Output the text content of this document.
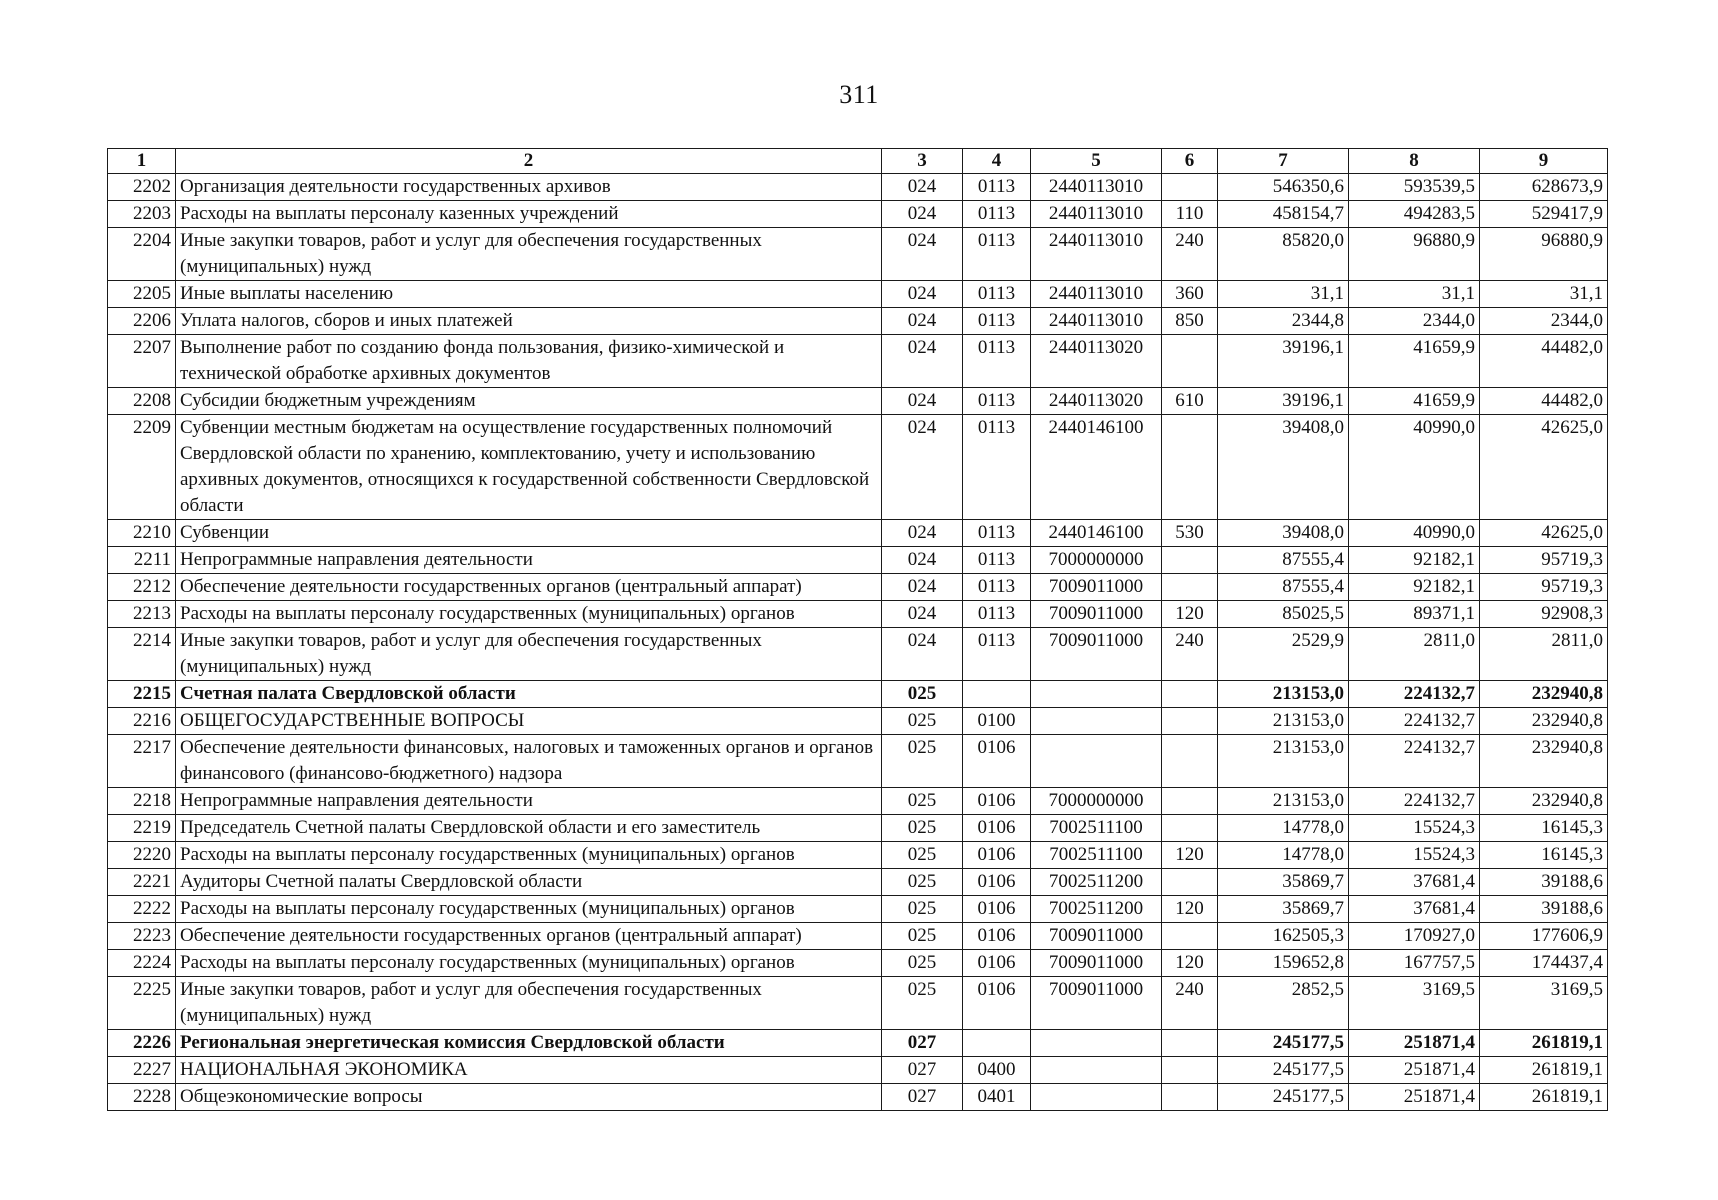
311
1	2	3	4	5	6	7	8	9
2202	Организация деятельности государственных архивов	024	0113	2440113010		546350,6	593539,5	628673,9
2203	Расходы на выплаты персоналу казенных учреждений	024	0113	2440113010	110	458154,7	494283,5	529417,9
2204	Иные закупки товаров, работ и услуг для обеспечения государственных (муниципальных) нужд	024	0113	2440113010	240	85820,0	96880,9	96880,9
2205	Иные выплаты населению	024	0113	2440113010	360	31,1	31,1	31,1
2206	Уплата налогов, сборов и иных платежей	024	0113	2440113010	850	2344,8	2344,0	2344,0
2207	Выполнение работ по созданию фонда пользования, физико-химической и технической обработке архивных документов	024	0113	2440113020		39196,1	41659,9	44482,0
2208	Субсидии бюджетным учреждениям	024	0113	2440113020	610	39196,1	41659,9	44482,0
2209	Субвенции местным бюджетам на осуществление государственных полномочий Свердловской области по хранению, комплектованию, учету и использованию архивных документов, относящихся к государственной собственности Свердловской области	024	0113	2440146100		39408,0	40990,0	42625,0
2210	Субвенции	024	0113	2440146100	530	39408,0	40990,0	42625,0
2211	Непрограммные направления деятельности	024	0113	7000000000		87555,4	92182,1	95719,3
2212	Обеспечение деятельности государственных органов (центральный аппарат)	024	0113	7009011000		87555,4	92182,1	95719,3
2213	Расходы на выплаты персоналу государственных (муниципальных) органов	024	0113	7009011000	120	85025,5	89371,1	92908,3
2214	Иные закупки товаров, работ и услуг для обеспечения государственных (муниципальных) нужд	024	0113	7009011000	240	2529,9	2811,0	2811,0
2215	Счетная палата Свердловской области	025				213153,0	224132,7	232940,8
2216	ОБЩЕГОСУДАРСТВЕННЫЕ ВОПРОСЫ	025	0100			213153,0	224132,7	232940,8
2217	Обеспечение деятельности финансовых, налоговых и таможенных органов и органов финансового (финансово-бюджетного) надзора	025	0106			213153,0	224132,7	232940,8
2218	Непрограммные направления деятельности	025	0106	7000000000		213153,0	224132,7	232940,8
2219	Председатель Счетной палаты Свердловской области и его заместитель	025	0106	7002511100		14778,0	15524,3	16145,3
2220	Расходы на выплаты персоналу государственных (муниципальных) органов	025	0106	7002511100	120	14778,0	15524,3	16145,3
2221	Аудиторы Счетной палаты Свердловской области	025	0106	7002511200		35869,7	37681,4	39188,6
2222	Расходы на выплаты персоналу государственных (муниципальных) органов	025	0106	7002511200	120	35869,7	37681,4	39188,6
2223	Обеспечение деятельности государственных органов (центральный аппарат)	025	0106	7009011000		162505,3	170927,0	177606,9
2224	Расходы на выплаты персоналу государственных (муниципальных) органов	025	0106	7009011000	120	159652,8	167757,5	174437,4
2225	Иные закупки товаров, работ и услуг для обеспечения государственных (муниципальных) нужд	025	0106	7009011000	240	2852,5	3169,5	3169,5
2226	Региональная энергетическая комиссия Свердловской области	027				245177,5	251871,4	261819,1
2227	НАЦИОНАЛЬНАЯ ЭКОНОМИКА	027	0400			245177,5	251871,4	261819,1
2228	Общеэкономические вопросы	027	0401			245177,5	251871,4	261819,1
